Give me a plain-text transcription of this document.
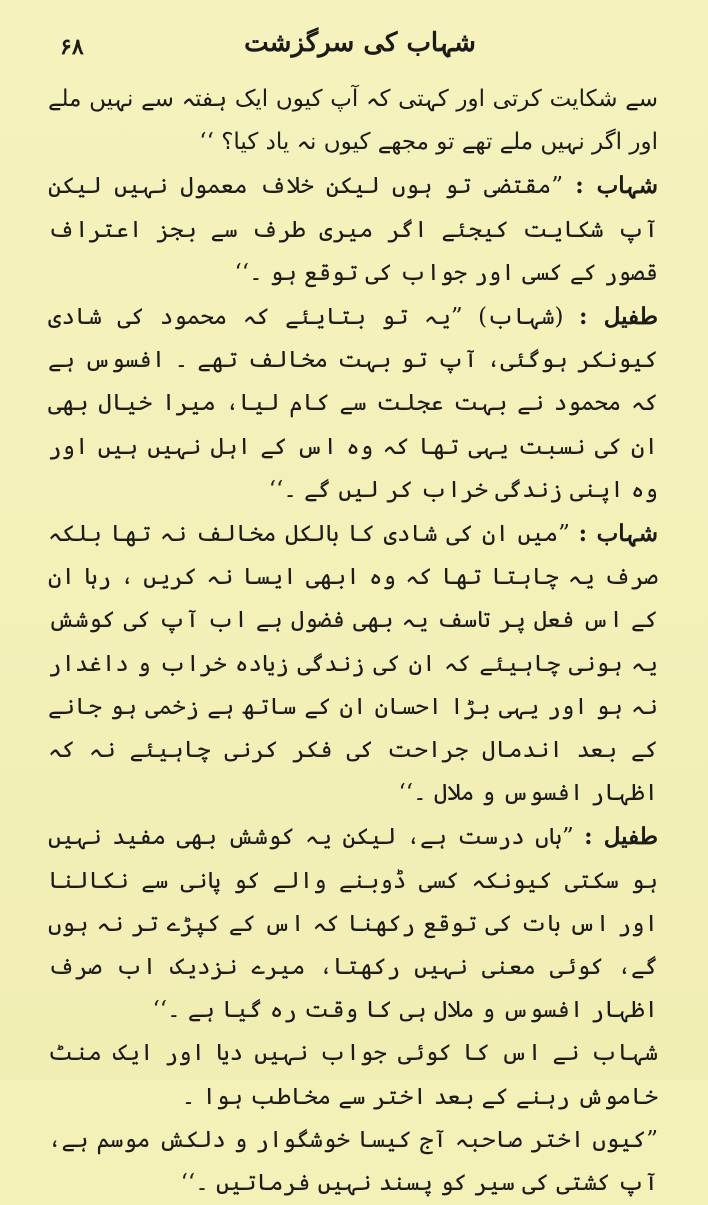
۶۸	شہاب کی سرگزشت

سے شکایت کرتی اور کہتی کہ آپ کیوں ایک ہفتہ سے نہیں ملے اور اگر نہیں ملے تھے تو مجھے کیوں نہ یاد کیا؟ ‘‘

شہاب : ”مقتضی تو ہوں لیکن خلاف معمول نہیں لیکن آپ شکایت کیجئے اگر میری طرف سے بجز اعتراف قصور کے کسی اور جواب کی توقع ہو ۔‘‘

طفیل : (شہاب) ”یہ تو بتایئے کہ محمود کی شادی کیونکر ہوگئی، آپ تو بہت مخالف تھے ۔ افسوس ہے کہ محمود نے بہت عجلت سے کام لیا، میرا خیال بھی ان کی نسبت یہی تھا کہ وہ اس کے اہل نہیں ہیں اور وہ اپنی زندگی خراب کر لیں گے ۔‘‘

شہاب : ”میں ان کی شادی کا بالکل مخالف نہ تھا بلکہ صرف یہ چاہتا تھا کہ وہ ابھی ایسا نہ کریں ، رہا ان کے اس فعل پر تاسف یہ بھی فضول ہے اب آپ کی کوشش یہ ہونی چاہیئے کہ ان کی زندگی زیادہ خراب و داغدار نہ ہو اور یہی بڑا احسان ان کے ساتھ ہے زخمی ہو جانے کے بعد اندمال جراحت کی فکر کرنی چاہیئے نہ کہ اظہار افسوس و ملال ۔‘‘

طفیل : ”ہاں درست ہے، لیکن یہ کوشش بھی مفید نہیں ہو سکتی کیونکہ کسی ڈوبنے والے کو پانی سے نکالنا اور اس بات کی توقع رکھنا کہ اس کے کپڑے تر نہ ہوں گے، کوئی معنی نہیں رکھتا، میرے نزدیک اب صرف اظہار افسوس و ملال ہی کا وقت رہ گیا ہے ۔‘‘

شہاب نے اس کا کوئی جواب نہیں دیا اور ایک منٹ خاموش رہنے کے بعد اختر سے مخاطب ہوا ۔

”کیوں اختر صاحبہ آج کیسا خوشگوار و دلکش موسم ہے، آپ کشتی کی سیر کو پسند نہیں فرماتیں ۔‘‘
